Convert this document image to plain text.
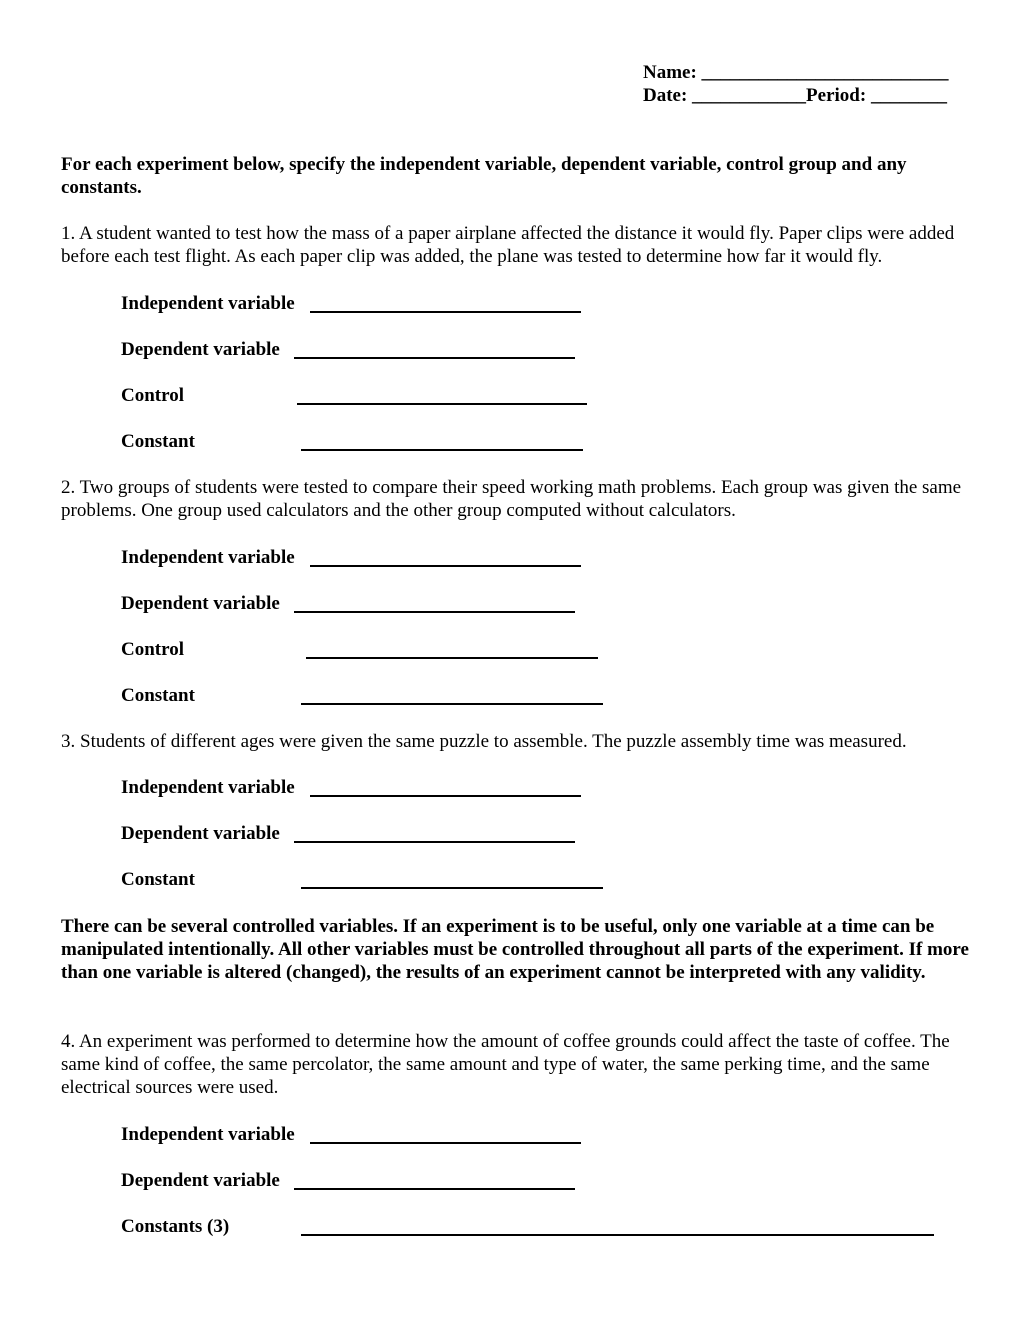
Name: __________________________
Date: ____________Period: ________
For each experiment below, specify the independent variable, dependent variable, control group and any constants.
1. A student wanted to test how the mass of a paper airplane affected the distance it would fly. Paper clips were added before each test flight. As each paper clip was added, the plane was tested to determine how far it would fly.
Independent variable
Dependent variable
Control
Constant
2. Two groups of students were tested to compare their speed working math problems. Each group was given the same problems. One group used calculators and the other group computed without calculators.
Independent variable
Dependent variable
Control
Constant
3. Students of different ages were given the same puzzle to assemble. The puzzle assembly time was measured.
Independent variable
Dependent variable
Constant
There can be several controlled variables. If an experiment is to be useful, only one variable at a time can be manipulated intentionally. All other variables must be controlled throughout all parts of the experiment. If more than one variable is altered (changed), the results of an experiment cannot be interpreted with any validity.
4. An experiment was performed to determine how the amount of coffee grounds could affect the taste of coffee. The same kind of coffee, the same percolator, the same amount and type of water, the same perking time, and the same electrical sources were used.
Independent variable
Dependent variable
Constants (3)
